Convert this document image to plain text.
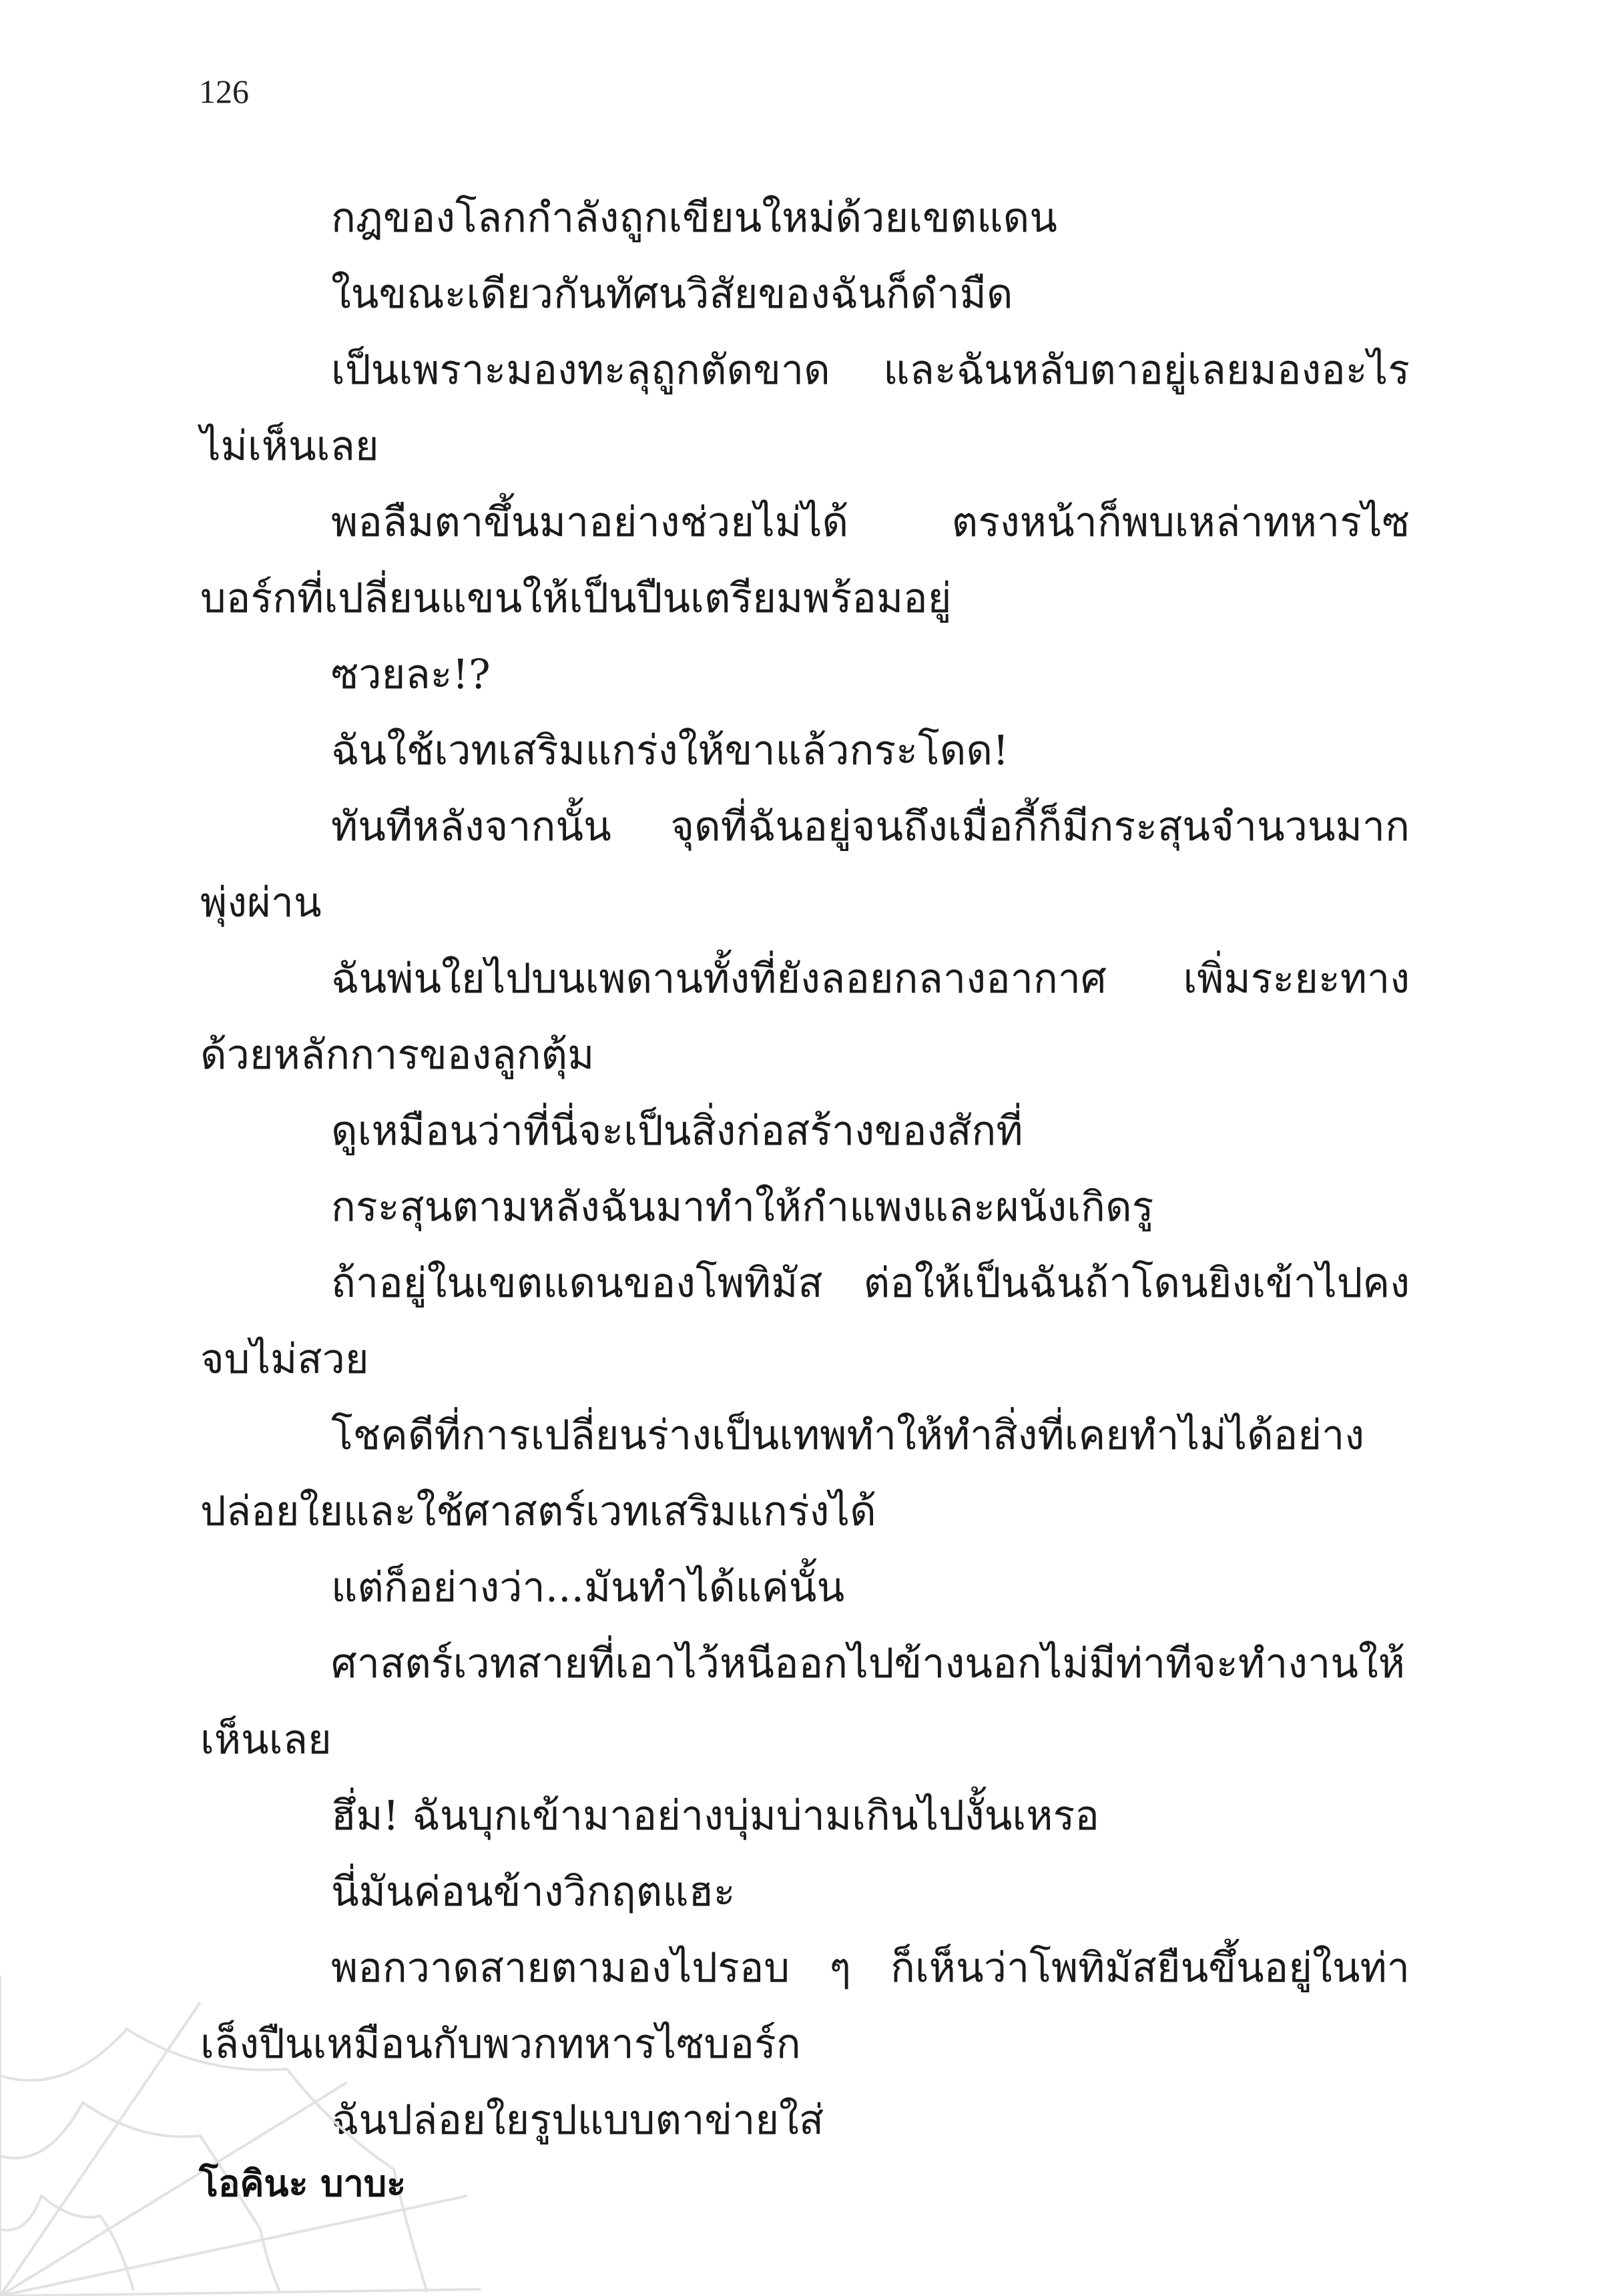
126

กฎของโลกกำลังถูกเขียนใหม่ด้วยเขตแดน

ในขณะเดียวกันทัศนวิสัยของฉันก็ดำมืด

เป็นเพราะมองทะลุถูกตัดขาด และฉันหลับตาอยู่เลยมองอะไรไม่เห็นเลย

พอลืมตาขึ้นมาอย่างช่วยไม่ได้ ตรงหน้าก็พบเหล่าทหารไซบอร์กที่เปลี่ยนแขนให้เป็นปืนเตรียมพร้อมอยู่

ซวยละ!?

ฉันใช้เวทเสริมแกร่งให้ขาแล้วกระโดด!

ทันทีหลังจากนั้น จุดที่ฉันอยู่จนถึงเมื่อกี้ก็มีกระสุนจำนวนมากพุ่งผ่าน

ฉันพ่นใยไปบนเพดานทั้งที่ยังลอยกลางอากาศ เพิ่มระยะทางด้วยหลักการของลูกตุ้ม

ดูเหมือนว่าที่นี่จะเป็นสิ่งก่อสร้างของสักที่

กระสุนตามหลังฉันมาทำให้กำแพงและผนังเกิดรู

ถ้าอยู่ในเขตแดนของโพทิมัส ต่อให้เป็นฉันถ้าโดนยิงเข้าไปคงจบไม่สวย

โชคดีที่การเปลี่ยนร่างเป็นเทพทำให้ทำสิ่งที่เคยทำไม่ได้อย่างปล่อยใยและใช้ศาสตร์เวทเสริมแกร่งได้

แต่ก็อย่างว่า...มันทำได้แค่นั้น

ศาสตร์เวทสายที่เอาไว้หนีออกไปข้างนอกไม่มีท่าทีจะทำงานให้เห็นเลย

ฮึ่ม! ฉันบุกเข้ามาอย่างบุ่มบ่ามเกินไปงั้นเหรอ

นี่มันค่อนข้างวิกฤตแฮะ

พอกวาดสายตามองไปรอบ ๆ ก็เห็นว่าโพทิมัสยืนขึ้นอยู่ในท่าเล็งปืนเหมือนกับพวกทหารไซบอร์ก

ฉันปล่อยใยรูปแบบตาข่ายใส่

โอคินะ บาบะ
